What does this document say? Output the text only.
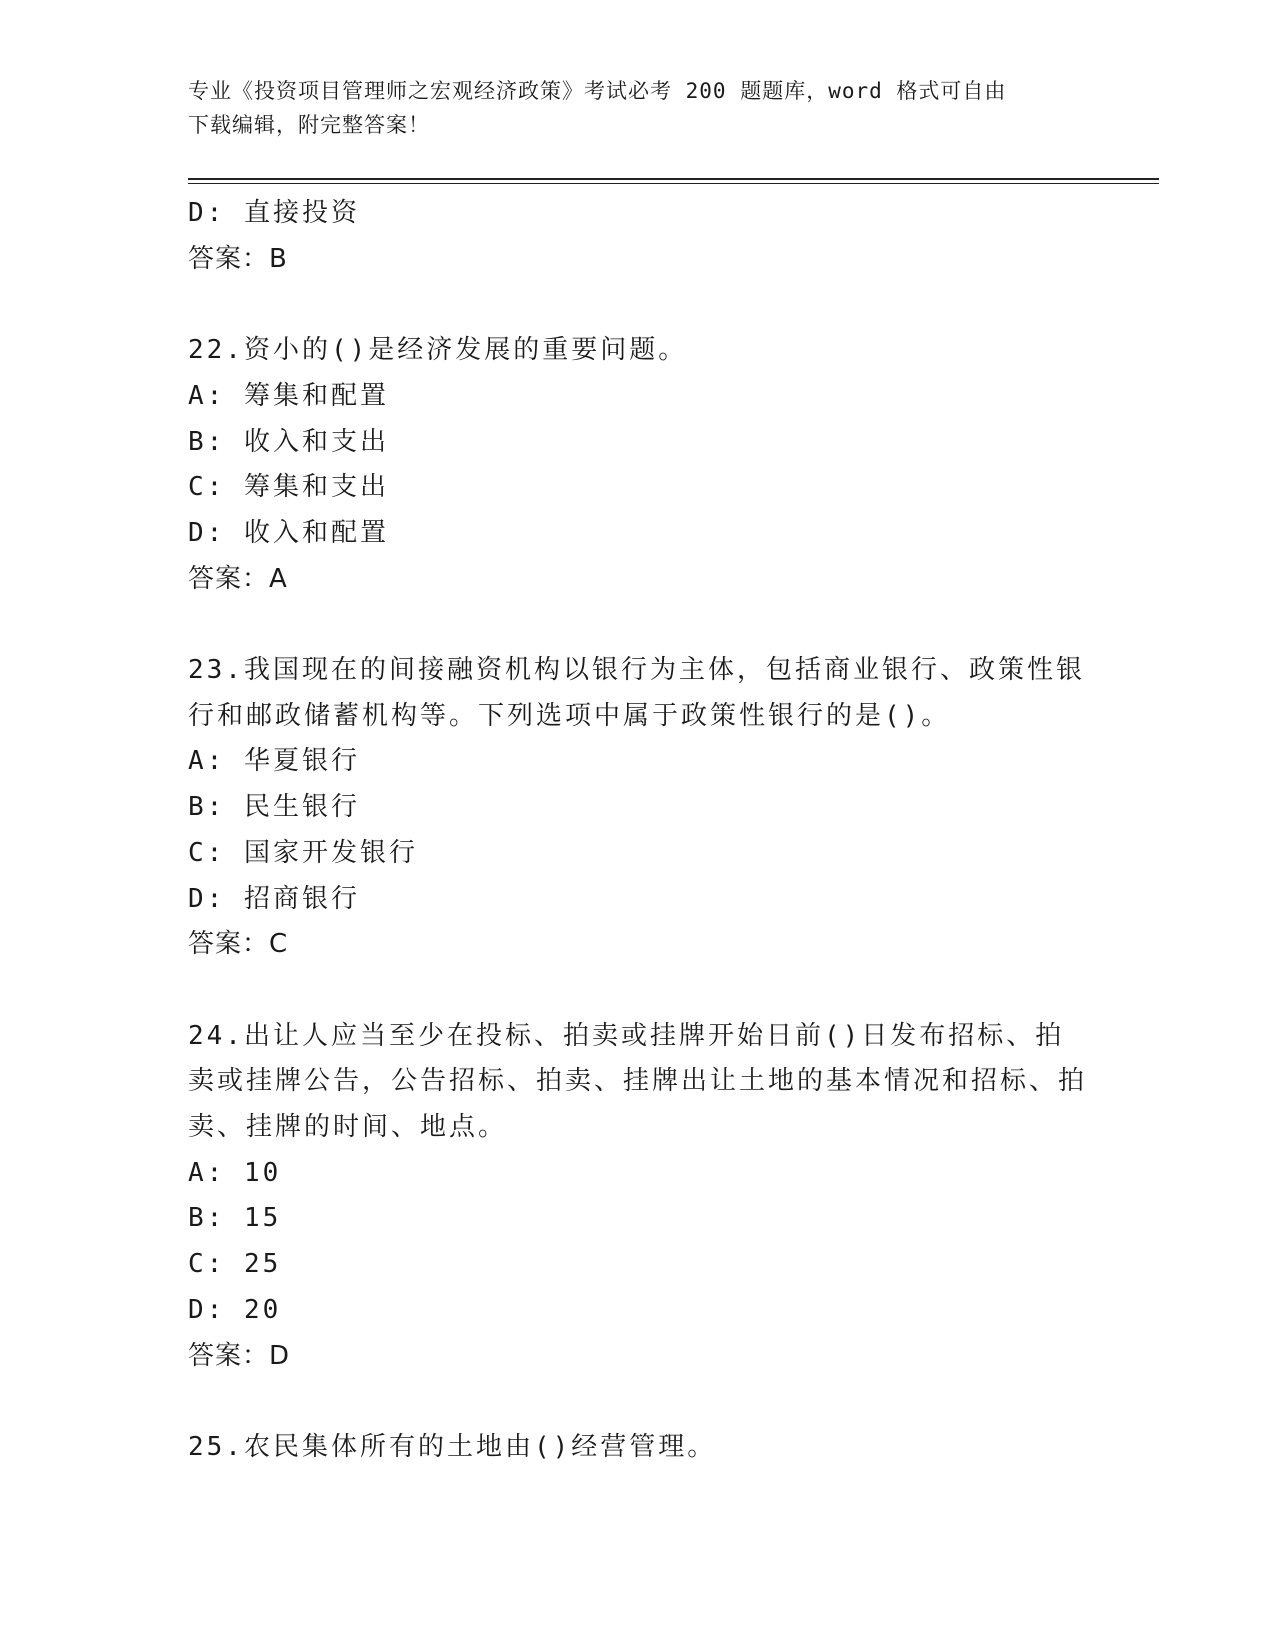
专业《投资项目管理师之宏观经济政策》考试必考 200 题题库，word 格式可自由
下载编辑，附完整答案！
D: 直接投资
答案：B
22.资小的()是经济发展的重要问题。
A: 筹集和配置
B: 收入和支出
C: 筹集和支出
D: 收入和配置
答案：A
23.我国现在的间接融资机构以银行为主体，包括商业银行、政策性银行和邮政储蓄机构等。下列选项中属于政策性银行的是()。
A: 华夏银行
B: 民生银行
C: 国家开发银行
D: 招商银行
答案：C
24.出让人应当至少在投标、拍卖或挂牌开始日前()日发布招标、拍卖或挂牌公告，公告招标、拍卖、挂牌出让土地的基本情况和招标、拍卖、挂牌的时间、地点。
A: 10
B: 15
C: 25
D: 20
答案：D
25.农民集体所有的土地由()经营管理。
